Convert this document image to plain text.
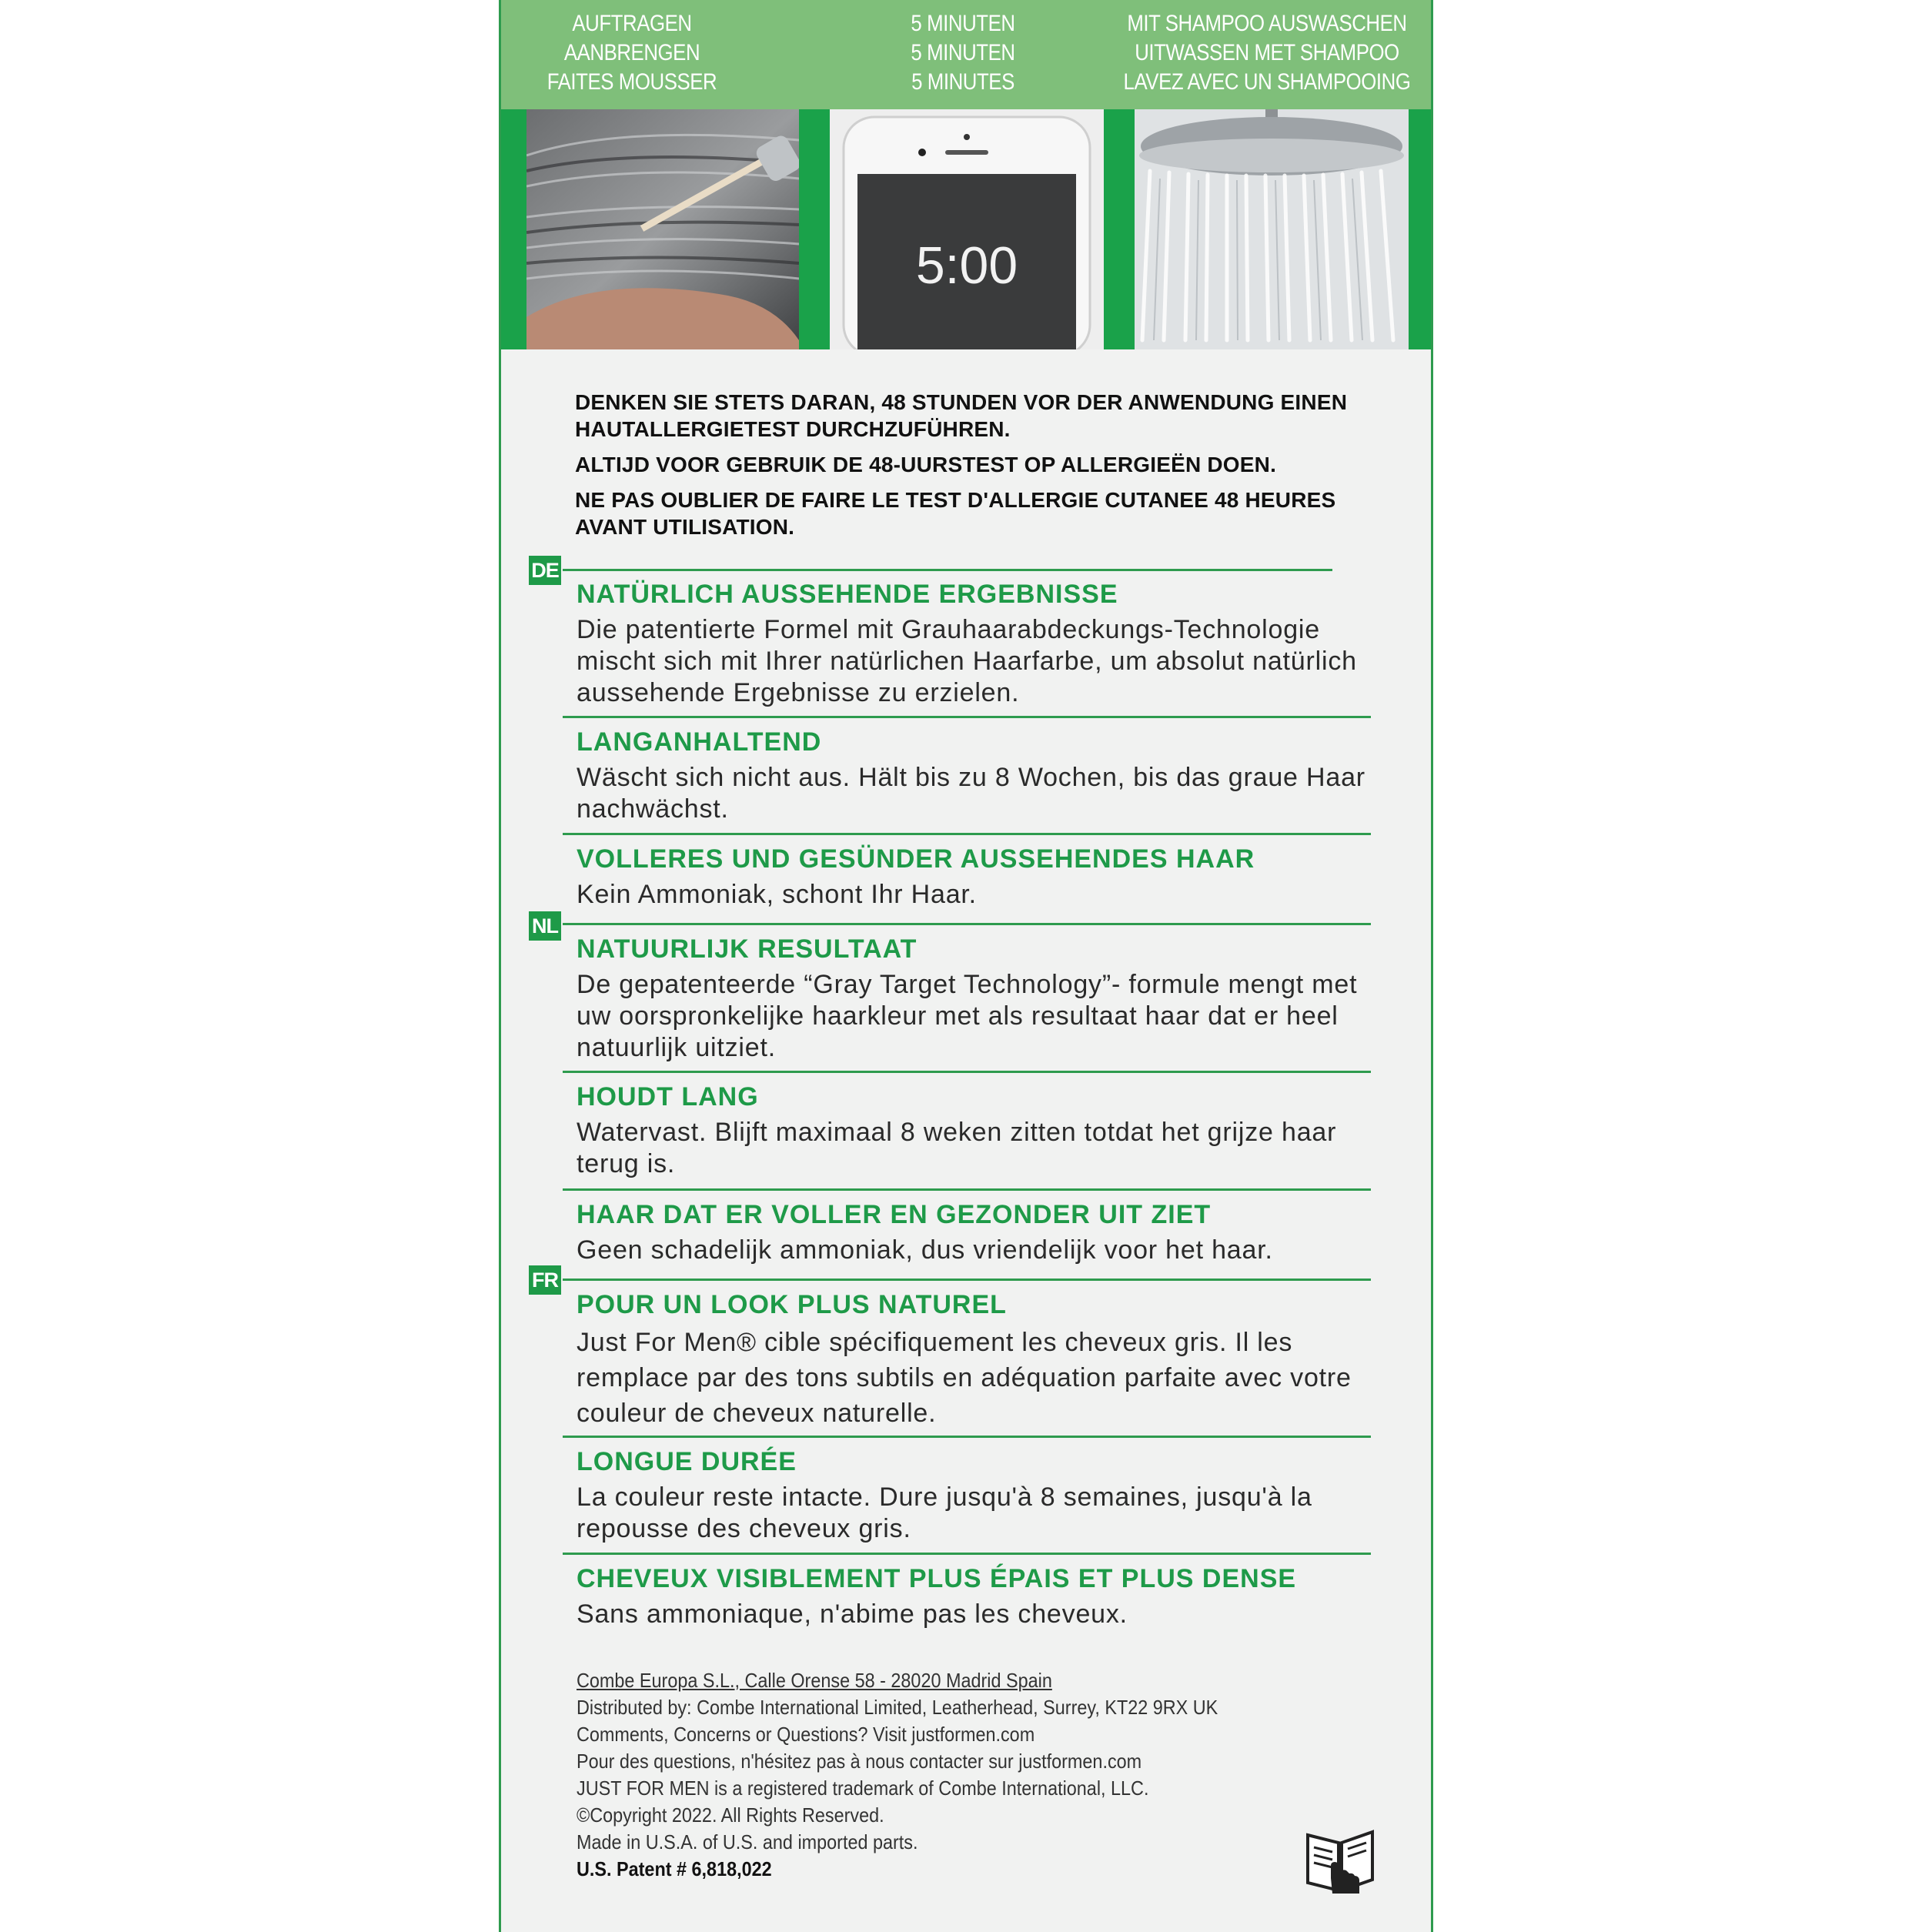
AUFTRAGEN
AANBRENGEN
FAITES MOUSSER
5 MINUTEN
5 MINUTEN
5 MINUTES
MIT SHAMPOO AUSWASCHEN
UITWASSEN MET SHAMPOO
LAVEZ AVEC UN SHAMPOOING
5:00
DENKEN SIE STETS DARAN, 48 STUNDEN VOR DER ANWENDUNG EINEN HAUTALLERGIETEST DURCHZUFÜHREN.
ALTIJD VOOR GEBRUIK DE 48-UURSTEST OP ALLERGIEËN DOEN.
NE PAS OUBLIER DE FAIRE LE TEST D'ALLERGIE CUTANEE 48 HEURES AVANT UTILISATION.
DE
NATÜRLICH AUSSEHENDE ERGEBNISSE
Die patentierte Formel mit Grauhaarabdeckungs-Technologie mischt sich mit Ihrer natürlichen Haarfarbe, um absolut natürlich aussehende Ergebnisse zu erzielen.
LANGANHALTEND
Wäscht sich nicht aus. Hält bis zu 8 Wochen, bis das graue Haar nachwächst.
VOLLERES UND GESÜNDER AUSSEHENDES HAAR
Kein Ammoniak, schont Ihr Haar.
NL
NATUURLIJK RESULTAAT
De gepatenteerde “Gray Target Technology”- formule mengt met uw oorspronkelijke haarkleur met als resultaat haar dat er heel natuurlijk uitziet.
HOUDT LANG
Watervast. Blijft maximaal 8 weken zitten totdat het grijze haar terug is.
HAAR DAT ER VOLLER EN GEZONDER UIT ZIET
Geen schadelijk ammoniak, dus vriendelijk voor het haar.
FR
POUR UN LOOK PLUS NATUREL
Just For Men® cible spécifiquement les cheveux gris. Il les remplace par des tons subtils en adéquation parfaite avec votre couleur de cheveux naturelle.
LONGUE DURÉE
La couleur reste intacte. Dure jusqu'à 8 semaines, jusqu'à la repousse des cheveux gris.
CHEVEUX VISIBLEMENT PLUS ÉPAIS ET PLUS DENSE
Sans ammoniaque, n'abime pas les cheveux.
Combe Europa S.L., Calle Orense 58 - 28020 Madrid Spain
Distributed by: Combe International Limited, Leatherhead, Surrey, KT22 9RX UK
Comments, Concerns or Questions? Visit justformen.com
Pour des questions, n'hésitez pas à nous contacter sur justformen.com
JUST FOR MEN is a registered trademark of Combe International, LLC.
©Copyright 2022. All Rights Reserved.
Made in U.S.A. of U.S. and imported parts.
U.S. Patent # 6,818,022
